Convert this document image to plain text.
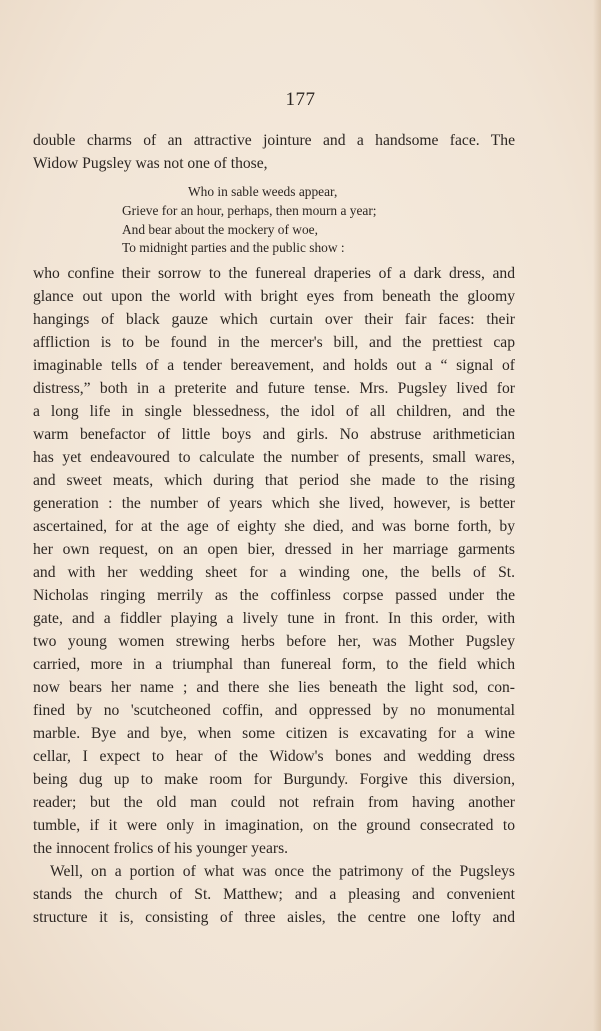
177
double charms of an attractive jointure and a handsome face. The
Widow Pugsley was not one of those,
Who in sable weeds appear,
Grieve for an hour, perhaps, then mourn a year;
And bear about the mockery of woe,
To midnight parties and the public show :
who confine their sorrow to the funereal draperies of a dark dress, and
glance out upon the world with bright eyes from beneath the gloomy
hangings of black gauze which curtain over their fair faces: their
affliction is to be found in the mercer's bill, and the prettiest cap
imaginable tells of a tender bereavement, and holds out a “ signal of
distress,” both in a preterite and future tense. Mrs. Pugsley lived for
a long life in single blessedness, the idol of all children, and the
warm benefactor of little boys and girls. No abstruse arithmetician
has yet endeavoured to calculate the number of presents, small wares,
and sweet meats, which during that period she made to the rising
generation : the number of years which she lived, however, is better
ascertained, for at the age of eighty she died, and was borne forth, by
her own request, on an open bier, dressed in her marriage garments
and with her wedding sheet for a winding one, the bells of St.
Nicholas ringing merrily as the coffinless corpse passed under the
gate, and a fiddler playing a lively tune in front. In this order, with
two young women strewing herbs before her, was Mother Pugsley
carried, more in a triumphal than funereal form, to the field which
now bears her name ; and there she lies beneath the light sod, con-
fined by no 'scutcheoned coffin, and oppressed by no monumental
marble. Bye and bye, when some citizen is excavating for a wine
cellar, I expect to hear of the Widow's bones and wedding dress
being dug up to make room for Burgundy. Forgive this diversion,
reader; but the old man could not refrain from having another
tumble, if it were only in imagination, on the ground consecrated to
the innocent frolics of his younger years.
Well, on a portion of what was once the patrimony of the Pugsleys
stands the church of St. Matthew; and a pleasing and convenient
structure it is, consisting of three aisles, the centre one lofty and
